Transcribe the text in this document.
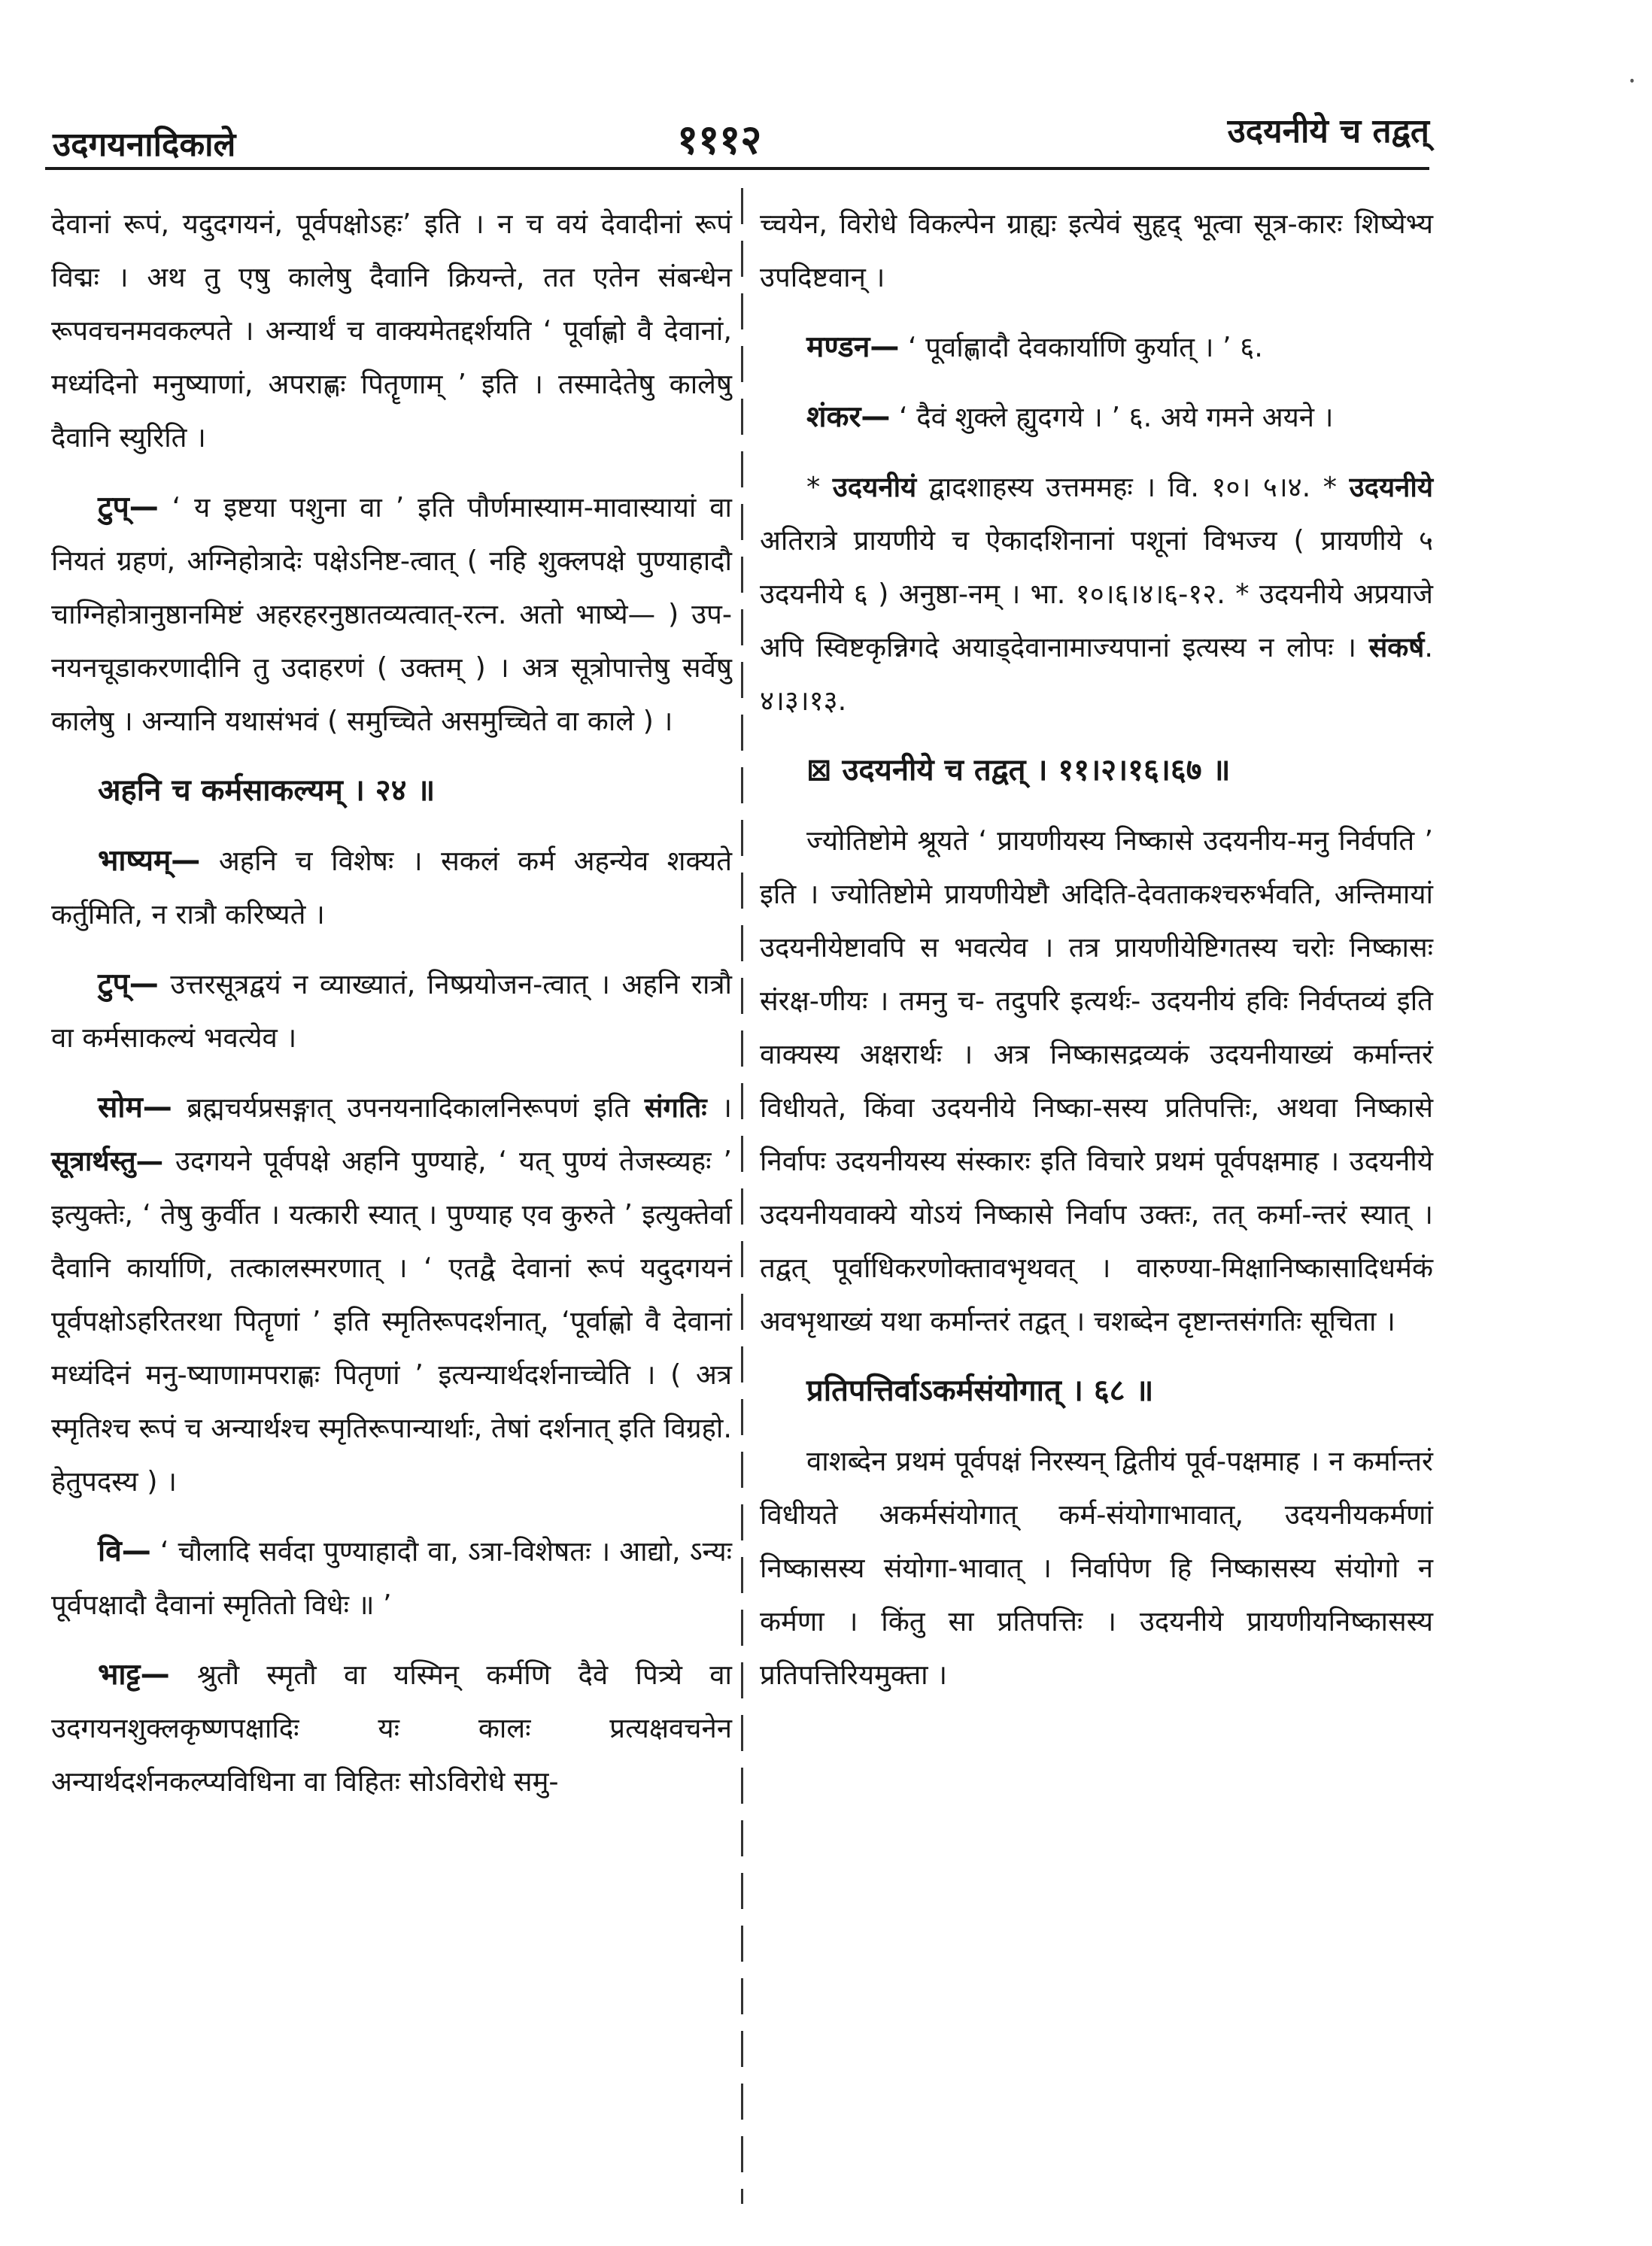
᠂
उदगयनादिकाले	१११२	उदयनीये च तद्वत्

देवानां रूपं, यदुदगयनं, पूर्वपक्षोऽहः’ इति । न च वयं देवादीनां रूपं विद्मः । अथ तु एषु कालेषु दैवानि क्रियन्ते, तत एतेन संबन्धेन रूपवचनमवकल्पते । अन्यार्थं च वाक्यमेतद्दर्शयति ‘ पूर्वाह्णो वै देवानां, मध्यंदिनो मनुष्याणां, अपराह्णः पितॄणाम् ’ इति । तस्मादेतेषु कालेषु दैवानि स्युरिति ।

टुप्— ‘ य इष्टया पशुना वा ’ इति पौर्णमास्याम-मावास्यायां वा नियतं ग्रहणं, अग्निहोत्रादेः पक्षेऽनिष्ट-त्वात् ( नहि शुक्लपक्षे पुण्याहादौ चाग्निहोत्रानुष्ठानमिष्टं अहरहरनुष्ठातव्यत्वात्-रत्न. अतो भाष्ये— ) उप-नयनचूडाकरणादीनि तु उदाहरणं ( उक्तम् ) । अत्र सूत्रोपात्तेषु सर्वेषु कालेषु । अन्यानि यथासंभवं ( समुच्चिते असमुच्चिते वा काले ) ।

अहनि च कर्मसाकल्यम् । २४ ॥

भाष्यम्— अहनि च विशेषः । सकलं कर्म अहन्येव शक्यते कर्तुमिति, न रात्रौ करिष्यते ।

टुप्— उत्तरसूत्रद्वयं न व्याख्यातं, निष्प्रयोजन-त्वात् । अहनि रात्रौ वा कर्मसाकल्यं भवत्येव ।

सोम— ब्रह्मचर्यप्रसङ्गात् उपनयनादिकालनिरूपणं इति संगतिः । सूत्रार्थस्तु— उदगयने पूर्वपक्षे अहनि पुण्याहे, ‘ यत् पुण्यं तेजस्व्यहः ’ इत्युक्तेः, ‘ तेषु कुर्वीत । यत्कारी स्यात् । पुण्याह एव कुरुते ’ इत्युक्तेर्वा दैवानि कार्याणि, तत्कालस्मरणात् । ‘ एतद्वै देवानां रूपं यदुदगयनं पूर्वपक्षोऽहरितरथा पितॄणां ’ इति स्मृतिरूपदर्शनात्, ‘पूर्वाह्णो वै देवानां मध्यंदिनं मनु-ष्याणामपराह्णः पितृणां ’ इत्यन्यार्थदर्शनाच्चेति । ( अत्र स्मृतिश्च रूपं च अन्यार्थश्च स्मृतिरूपान्यार्थाः, तेषां दर्शनात् इति विग्रहो. हेतुपदस्य ) ।

वि— ‘ चौलादि सर्वदा पुण्याहादौ वा, ऽत्रा-विशेषतः । आद्यो, ऽन्यः पूर्वपक्षादौ दैवानां स्मृतितो विधेः ॥ ’

भाट्ट— श्रुतौ स्मृतौ वा यस्मिन् कर्मणि दैवे पित्र्ये वा उदगयनशुक्लकृष्णपक्षादिः यः कालः प्रत्यक्षवचनेन अन्यार्थदर्शनकल्प्यविधिना वा विहितः सोऽविरोधे समु-

च्चयेन, विरोधे विकल्पेन ग्राह्यः इत्येवं सुहृद् भूत्वा सूत्र-कारः शिष्येभ्य उपदिष्टवान् ।

मण्डन— ‘ पूर्वाह्णादौ देवकार्याणि कुर्यात् । ’ ६.

शंकर— ‘ दैवं शुक्ले ह्युदगये । ’ ६. अये गमने अयने ।

* उदयनीयं द्वादशाहस्य उत्तममहः । वि. १०। ५।४. * उदयनीये अतिरात्रे प्रायणीये च ऐकादशिनानां पशूनां विभज्य ( प्रायणीये ५ उदयनीये ६ ) अनुष्ठा-नम् । भा. १०।६।४।६-१२. * उदयनीये अप्रयाजे अपि स्विष्टकृन्निगदे अयाड्देवानामाज्यपानां इत्यस्य न लोपः । संकर्ष. ४।३।१३.

⊠ उदयनीये च तद्वत् । ११।२।१६।६७ ॥

ज्योतिष्टोमे श्रूयते ‘ प्रायणीयस्य निष्कासे उदयनीय-मनु निर्वपति ’ इति । ज्योतिष्टोमे प्रायणीयेष्टौ अदिति-देवताकश्चरुर्भवति, अन्तिमायां उदयनीयेष्टावपि स भवत्येव । तत्र प्रायणीयेष्टिगतस्य चरोः निष्कासः संरक्ष-णीयः । तमनु च- तदुपरि इत्यर्थः- उदयनीयं हविः निर्वप्तव्यं इति वाक्यस्य अक्षरार्थः । अत्र निष्कासद्रव्यकं उदयनीयाख्यं कर्मान्तरं विधीयते, किंवा उदयनीये निष्का-सस्य प्रतिपत्तिः, अथवा निष्कासे निर्वापः उदयनीयस्य संस्कारः इति विचारे प्रथमं पूर्वपक्षमाह । उदयनीये उदयनीयवाक्ये योऽयं निष्कासे निर्वाप उक्तः, तत् कर्मा-न्तरं स्यात् । तद्वत् पूर्वाधिकरणोक्तावभृथवत् । वारुण्या-मिक्षानिष्कासादिधर्मकं अवभृथाख्यं यथा कर्मान्तरं तद्वत् । चशब्देन दृष्टान्तसंगतिः सूचिता ।

प्रतिपत्तिर्वाऽकर्मसंयोगात् । ६८ ॥

वाशब्देन प्रथमं पूर्वपक्षं निरस्यन् द्वितीयं पूर्व-पक्षमाह । न कर्मान्तरं विधीयते अकर्मसंयोगात् कर्म-संयोगाभावात्, उदयनीयकर्मणां निष्कासस्य संयोगा-भावात् । निर्वापेण हि निष्कासस्य संयोगो न कर्मणा । किंतु सा प्रतिपत्तिः । उदयनीये प्रायणीयनिष्कासस्य प्रतिपत्तिरियमुक्ता ।
